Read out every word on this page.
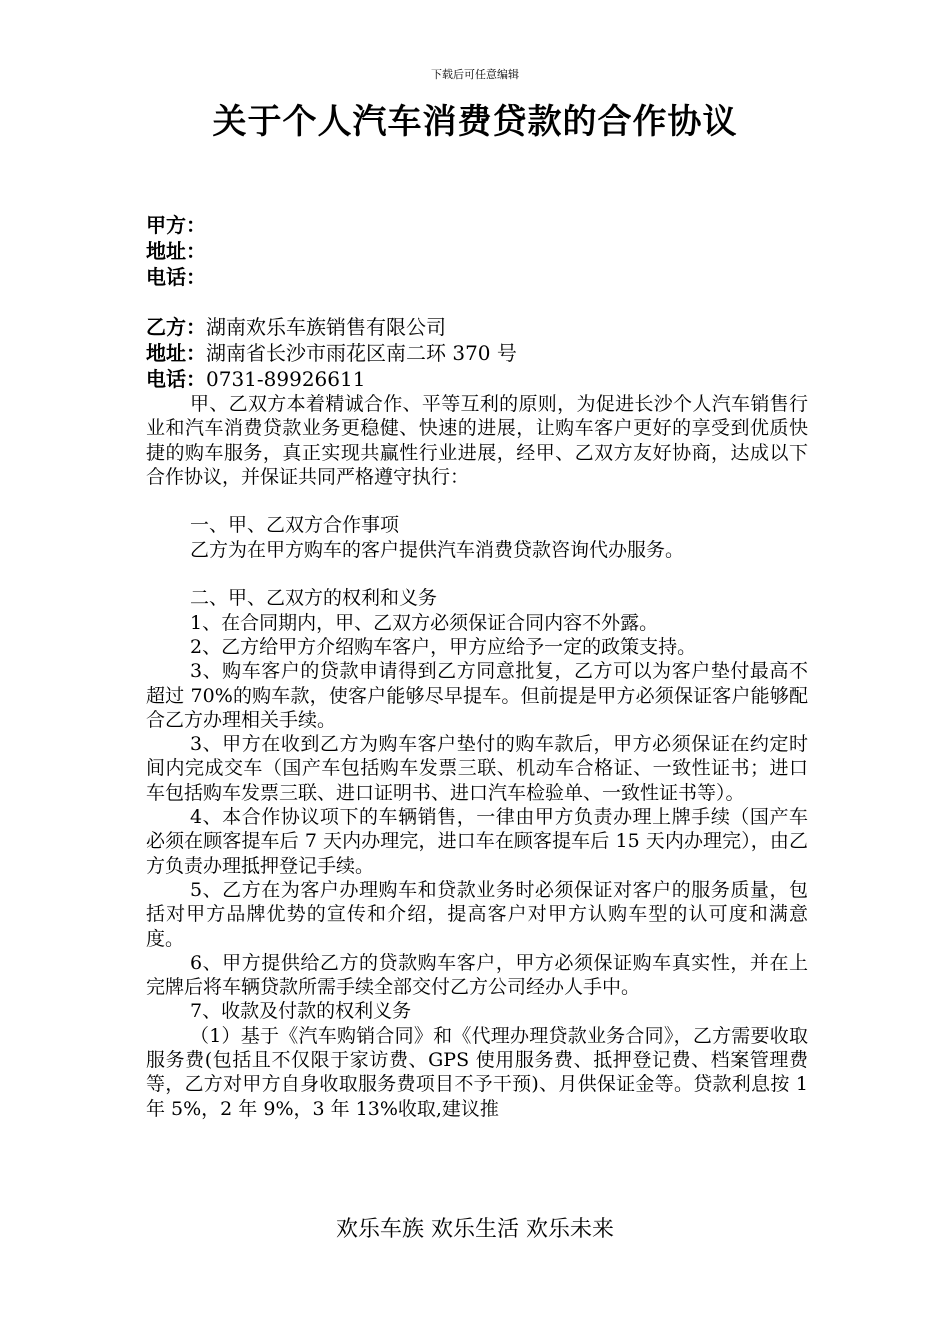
下载后可任意编辑
关于个人汽车消费贷款的合作协议
甲方：
地址：
电话：
乙方：湖南欢乐车族销售有限公司
地址：湖南省长沙市雨花区南二环 370 号
电话：0731-89926611

甲、乙双方本着精诚合作、平等互利的原则，为促进长沙个人汽车销售行业和汽车消费贷款业务更稳健、快速的进展，让购车客户更好的享受到优质快捷的购车服务，真正实现共赢性行业进展，经甲、乙双方友好协商，达成以下合作协议，并保证共同严格遵守执行：

一、甲、乙双方合作事项

乙方为在甲方购车的客户提供汽车消费贷款咨询代办服务。

二、甲、乙双方的权利和义务

1、在合同期内，甲、乙双方必须保证合同内容不外露。

2、乙方给甲方介绍购车客户，甲方应给予一定的政策支持。

3、购车客户的贷款申请得到乙方同意批复，乙方可以为客户垫付最高不超过 70%的购车款，使客户能够尽早提车。但前提是甲方必须保证客户能够配合乙方办理相关手续。

3、甲方在收到乙方为购车客户垫付的购车款后，甲方必须保证在约定时间内完成交车（国产车包括购车发票三联、机动车合格证、一致性证书；进口车包括购车发票三联、进口证明书、进口汽车检验单、一致性证书等）。

4、本合作协议项下的车辆销售，一律由甲方负责办理上牌手续（国产车必须在顾客提车后 7 天内办理完，进口车在顾客提车后 15 天内办理完），由乙方负责办理抵押登记手续。

5、乙方在为客户办理购车和贷款业务时必须保证对客户的服务质量，包括对甲方品牌优势的宣传和介绍，提高客户对甲方认购车型的认可度和满意度。

6、甲方提供给乙方的贷款购车客户，甲方必须保证购车真实性，并在上完牌后将车辆贷款所需手续全部交付乙方公司经办人手中。

7、收款及付款的权利义务

（1）基于《汽车购销合同》和《代理办理贷款业务合同》，乙方需要收取服务费(包括且不仅限于家访费、GPS 使用服务费、抵押登记费、档案管理费等，乙方对甲方自身收取服务费项目不予干预)、月供保证金等。贷款利息按 1 年 5%，2 年 9%，3 年 13%收取,建议推

欢乐车族 欢乐生活 欢乐未来
